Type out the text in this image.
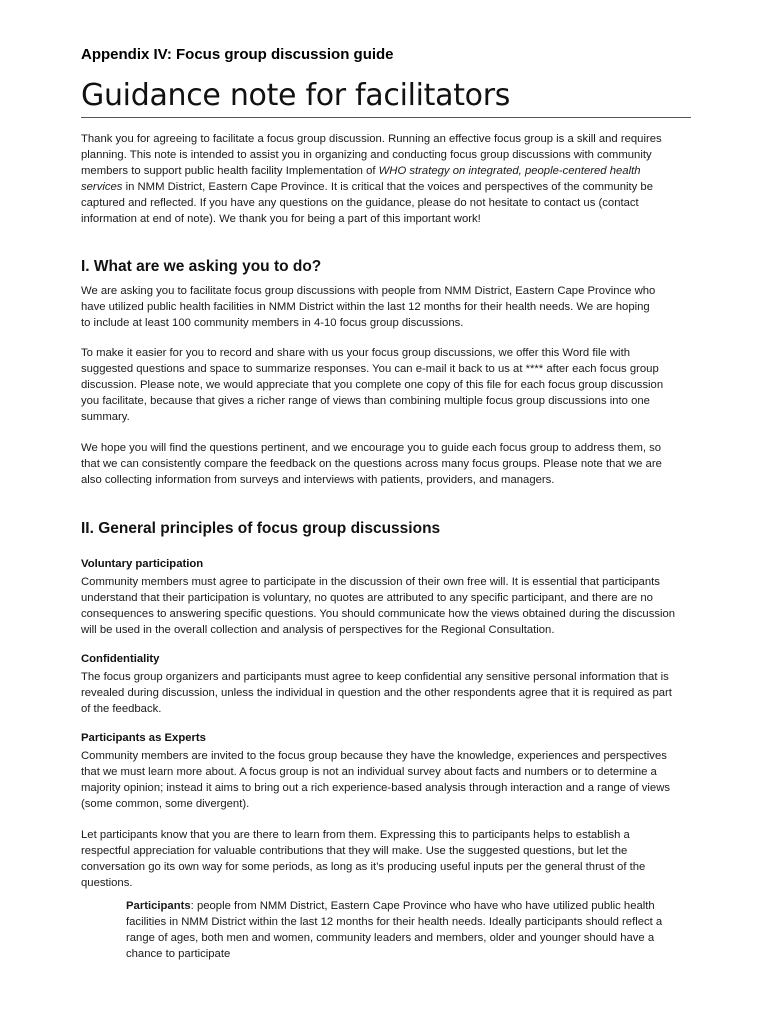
Appendix IV: Focus group discussion guide
Guidance note for facilitators

Thank you for agreeing to facilitate a focus group discussion. Running an effective focus group is a skill and requires
planning. This note is intended to assist you in organizing and conducting focus group discussions with community
members to support public health facility Implementation of WHO strategy on integrated, people-centered health
services in NMM District, Eastern Cape Province. It is critical that the voices and perspectives of the community be
captured and reflected. If you have any questions on the guidance, please do not hesitate to contact us (contact
information at end of note). We thank you for being a part of this important work!

I. What are we asking you to do?

We are asking you to facilitate focus group discussions with people from NMM District, Eastern Cape Province who
have utilized public health facilities in NMM District within the last 12 months for their health needs. We are hoping
to include at least 100 community members in 4-10 focus group discussions.

To make it easier for you to record and share with us your focus group discussions, we offer this Word file with
suggested questions and space to summarize responses. You can e-mail it back to us at **** after each focus group
discussion. Please note, we would appreciate that you complete one copy of this file for each focus group discussion
you facilitate, because that gives a richer range of views than combining multiple focus group discussions into one
summary.

We hope you will find the questions pertinent, and we encourage you to guide each focus group to address them, so
that we can consistently compare the feedback on the questions across many focus groups. Please note that we are
also collecting information from surveys and interviews with patients, providers, and managers.

II. General principles of focus group discussions
Voluntary participation

Community members must agree to participate in the discussion of their own free will. It is essential that participants
understand that their participation is voluntary, no quotes are attributed to any specific participant, and there are no
consequences to answering specific questions. You should communicate how the views obtained during the discussion
will be used in the overall collection and analysis of perspectives for the Regional Consultation.

Confidentiality

The focus group organizers and participants must agree to keep confidential any sensitive personal information that is
revealed during discussion, unless the individual in question and the other respondents agree that it is required as part
of the feedback.

Participants as Experts

Community members are invited to the focus group because they have the knowledge, experiences and perspectives
that we must learn more about. A focus group is not an individual survey about facts and numbers or to determine a
majority opinion; instead it aims to bring out a rich experience-based analysis through interaction and a range of views
(some common, some divergent).

Let participants know that you are there to learn from them. Expressing this to participants helps to establish a
respectful appreciation for valuable contributions that they will make. Use the suggested questions, but let the
conversation go its own way for some periods, as long as it’s producing useful inputs per the general thrust of the
questions.

Participants: people from NMM District, Eastern Cape Province who have who have utilized public health
facilities in NMM District within the last 12 months for their health needs. Ideally participants should reflect a
range of ages, both men and women, community leaders and members, older and younger should have a
chance to participate
